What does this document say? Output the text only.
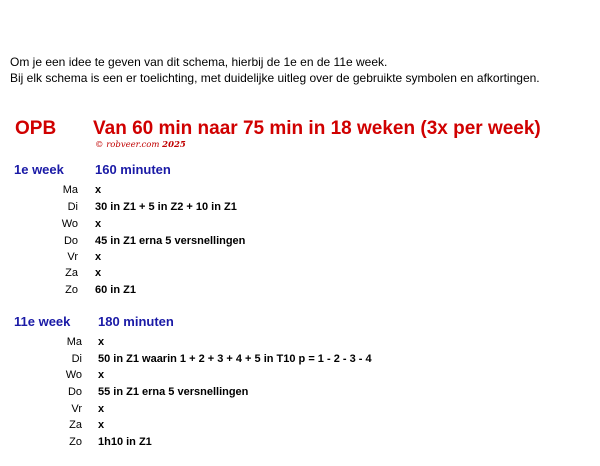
Om je een idee te geven van dit schema, hierbij de 1e en de 11e week.
Bij elk schema is een er toelichting, met duidelijke uitleg over de gebruikte symbolen en afkortingen.
OPB Van 60 min naar 75 min in 18 weken (3x per week)
© robveer.com 2025
1e week 160 minuten
Ma x
Di 30 in Z1 + 5 in Z2 + 10 in Z1
Wo x
Do 45 in Z1 erna 5 versnellingen
Vr x
Za x
Zo 60 in Z1
11e week 180 minuten
Ma x
Di 50 in Z1 waarin 1 + 2 + 3 + 4 + 5 in T10 p = 1 - 2 - 3 - 4
Wo x
Do 55 in Z1 erna 5 versnellingen
Vr x
Za x
Zo 1h10 in Z1
